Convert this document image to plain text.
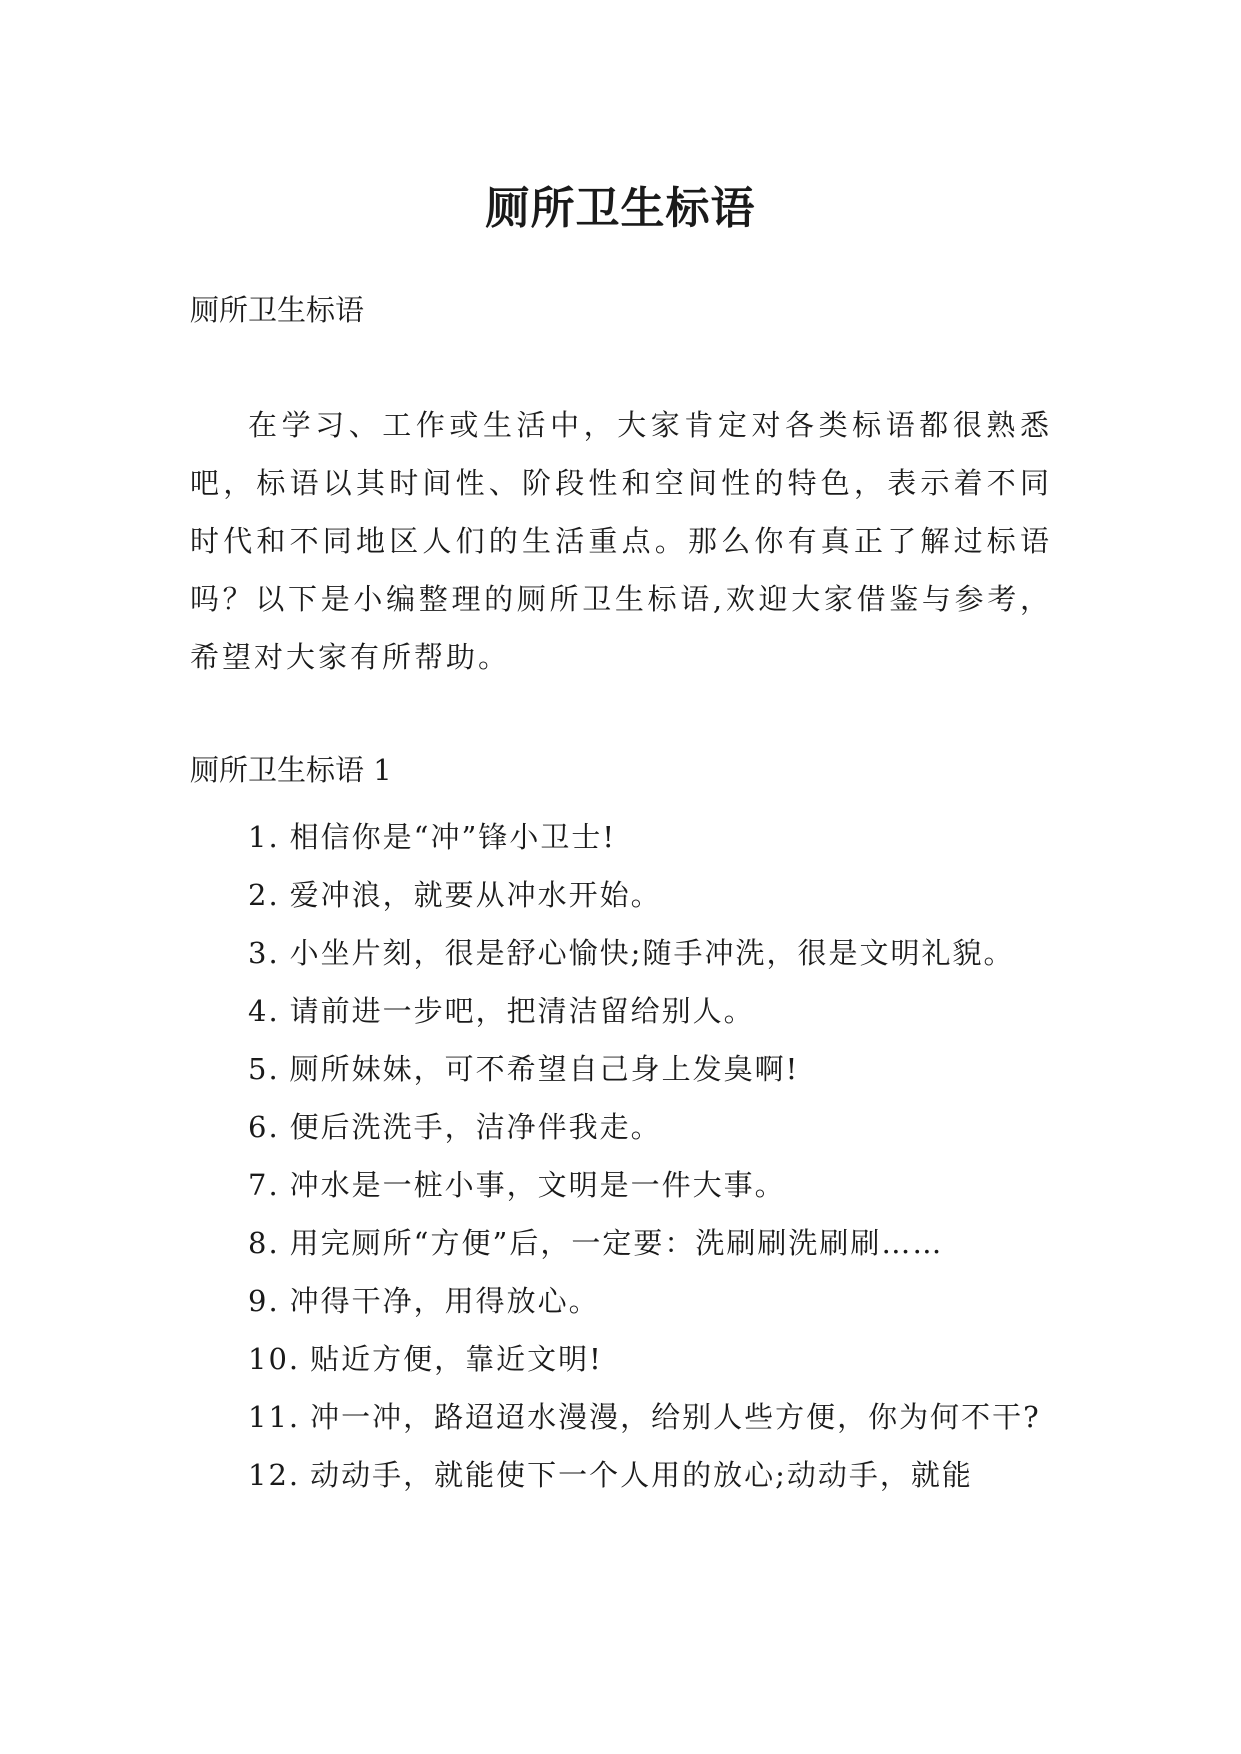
厕所卫生标语

厕所卫生标语

在学习、工作或生活中，大家肯定对各类标语都很熟悉吧，标语以其时间性、阶段性和空间性的特色，表示着不同时代和不同地区人们的生活重点。那么你有真正了解过标语吗？以下是小编整理的厕所卫生标语,欢迎大家借鉴与参考，希望对大家有所帮助。

厕所卫生标语 1

1. 相信你是“冲”锋小卫士!
2. 爱冲浪，就要从冲水开始。
3. 小坐片刻，很是舒心愉快;随手冲洗，很是文明礼貌。
4. 请前进一步吧，把清洁留给别人。
5. 厕所妹妹，可不希望自己身上发臭啊!
6. 便后洗洗手，洁净伴我走。
7. 冲水是一桩小事，文明是一件大事。
8. 用完厕所“方便”后，一定要：洗刷刷洗刷刷……
9. 冲得干净，用得放心。
10. 贴近方便，靠近文明!
11. 冲一冲，路迢迢水漫漫，给别人些方便，你为何不干?
12. 动动手，就能使下一个人用的放心;动动手，就能
